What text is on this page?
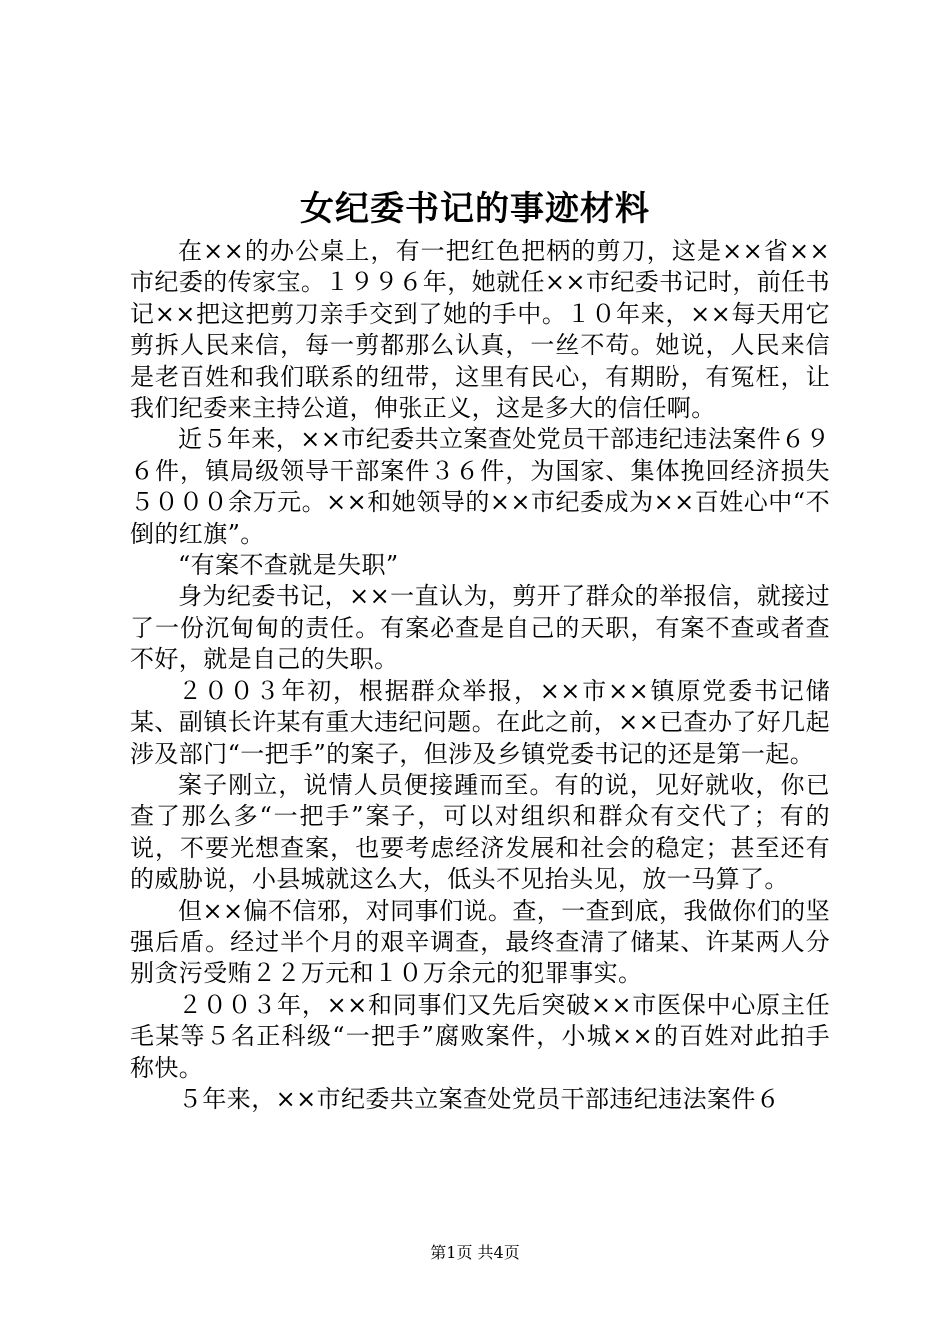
女纪委书记的事迹材料

在××的办公桌上，有一把红色把柄的剪刀，这是××省××市纪委的传家宝。１９９６年，她就任××市纪委书记时，前任书记××把这把剪刀亲手交到了她的手中。１０年来，××每天用它剪拆人民来信，每一剪都那么认真，一丝不苟。她说，人民来信是老百姓和我们联系的纽带，这里有民心，有期盼，有冤枉，让我们纪委来主持公道，伸张正义，这是多大的信任啊。

近５年来，××市纪委共立案查处党员干部违纪违法案件６９６件，镇局级领导干部案件３６件，为国家、集体挽回经济损失５０００余万元。××和她领导的××市纪委成为××百姓心中“不倒的红旗”。

“有案不查就是失职”

身为纪委书记，××一直认为，剪开了群众的举报信，就接过了一份沉甸甸的责任。有案必查是自己的天职，有案不查或者查不好，就是自己的失职。

２００３年初，根据群众举报，××市××镇原党委书记储某、副镇长许某有重大违纪问题。在此之前，××已查办了好几起涉及部门“一把手”的案子，但涉及乡镇党委书记的还是第一起。

案子刚立，说情人员便接踵而至。有的说，见好就收，你已查了那么多“一把手”案子，可以对组织和群众有交代了；有的说，不要光想查案，也要考虑经济发展和社会的稳定；甚至还有的威胁说，小县城就这么大，低头不见抬头见，放一马算了。

但××偏不信邪，对同事们说。查，一查到底，我做你们的坚强后盾。经过半个月的艰辛调查，最终查清了储某、许某两人分别贪污受贿２２万元和１０万余元的犯罪事实。

２００３年，××和同事们又先后突破××市医保中心原主任毛某等５名正科级“一把手”腐败案件，小城××的百姓对此拍手称快。

５年来，××市纪委共立案查处党员干部违纪违法案件６

第1页 共4页
